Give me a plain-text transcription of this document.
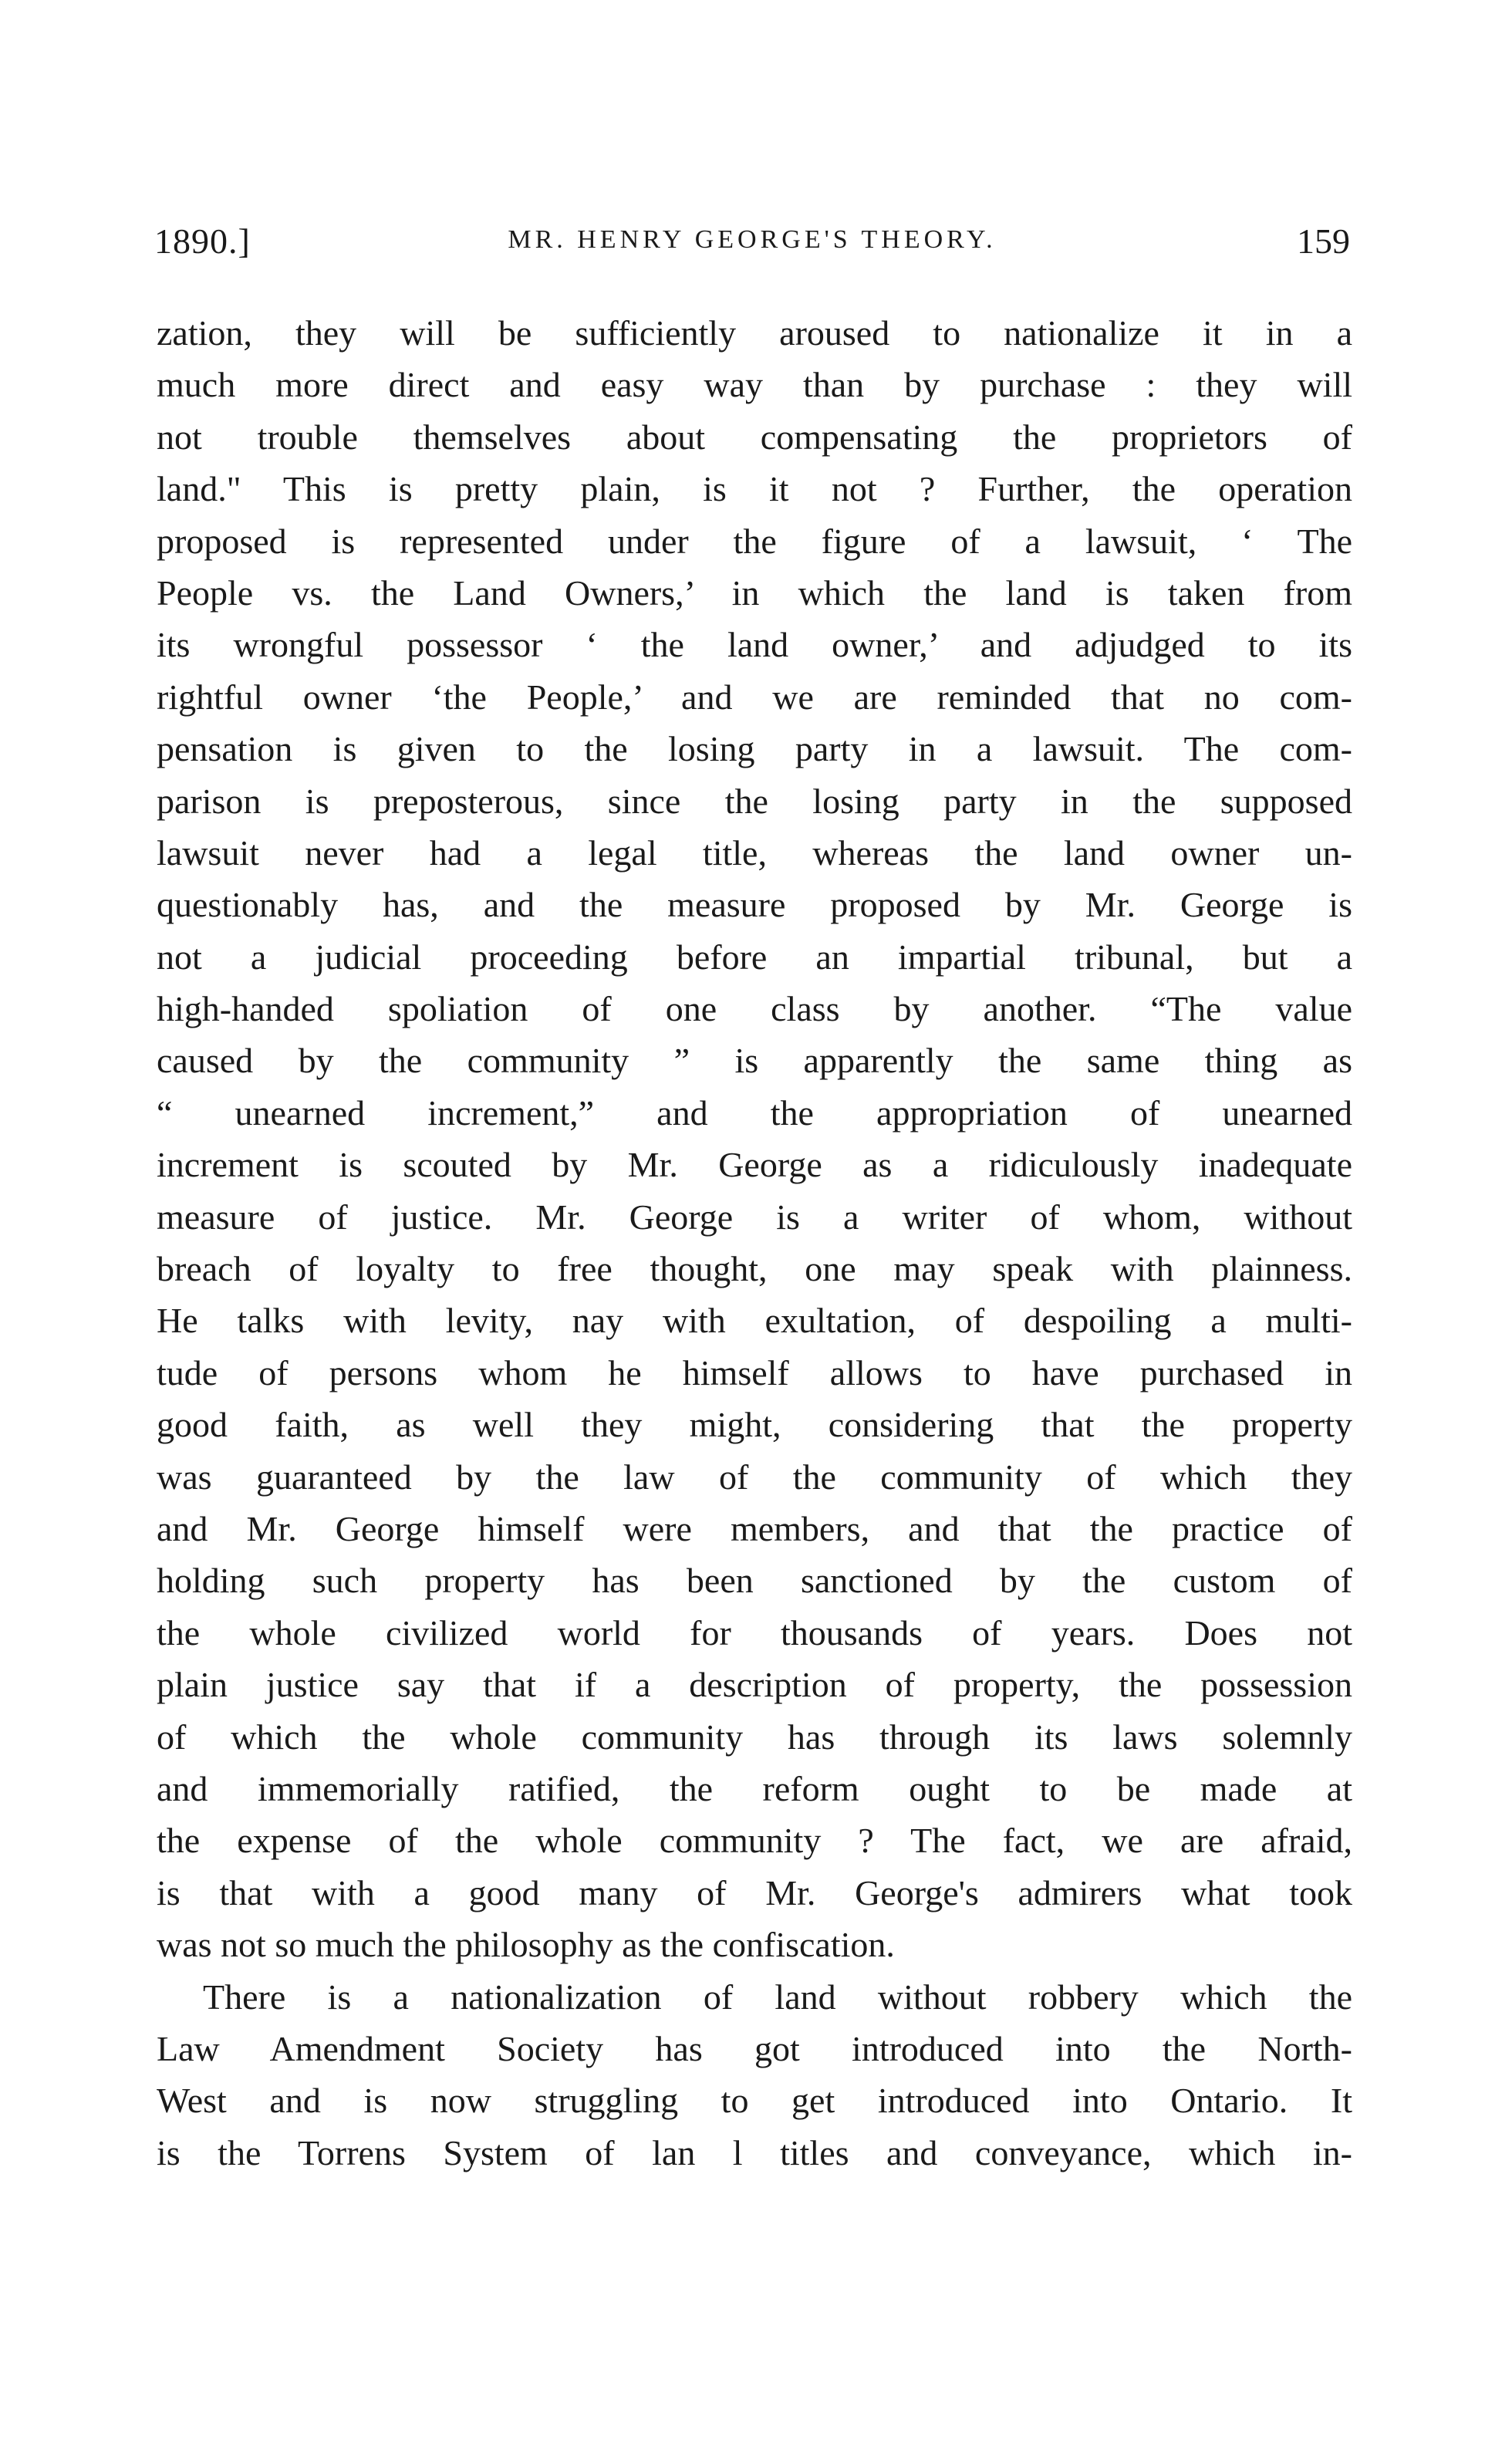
1890.]	MR. HENRY GEORGE'S THEORY.	159
zation, they will be sufficiently aroused to nationalize it in a
much more direct and easy way than by purchase : they will
not trouble themselves about compensating the proprietors of
land." This is pretty plain, is it not ? Further, the operation
proposed is represented under the figure of a lawsuit, ‘ The
People vs. the Land Owners,’ in which the land is taken from
its wrongful possessor ‘ the land owner,’ and adjudged to its
rightful owner ‘the People,’ and we are reminded that no com-
pensation is given to the losing party in a lawsuit. The com-
parison is preposterous, since the losing party in the supposed
lawsuit never had a legal title, whereas the land owner un-
questionably has, and the measure proposed by Mr. George is
not a judicial proceeding before an impartial tribunal, but a
high-handed spoliation of one class by another. “The value
caused by the community ” is apparently the same thing as
“ unearned increment,” and the appropriation of unearned
increment is scouted by Mr. George as a ridiculously inadequate
measure of justice. Mr. George is a writer of whom, without
breach of loyalty to free thought, one may speak with plainness.
He talks with levity, nay with exultation, of despoiling a multi-
tude of persons whom he himself allows to have purchased in
good faith, as well they might, considering that the property
was guaranteed by the law of the community of which they
and Mr. George himself were members, and that the practice of
holding such property has been sanctioned by the custom of
the whole civilized world for thousands of years. Does not
plain justice say that if a description of property, the possession
of which the whole community has through its laws solemnly
and immemorially ratified, the reform ought to be made at
the expense of the whole community ? The fact, we are afraid,
is that with a good many of Mr. George's admirers what took
was not so much the philosophy as the confiscation.
There is a nationalization of land without robbery which the
Law Amendment Society has got introduced into the North-
West and is now struggling to get introduced into Ontario. It
is the Torrens System of lan l titles and conveyance, which in-
